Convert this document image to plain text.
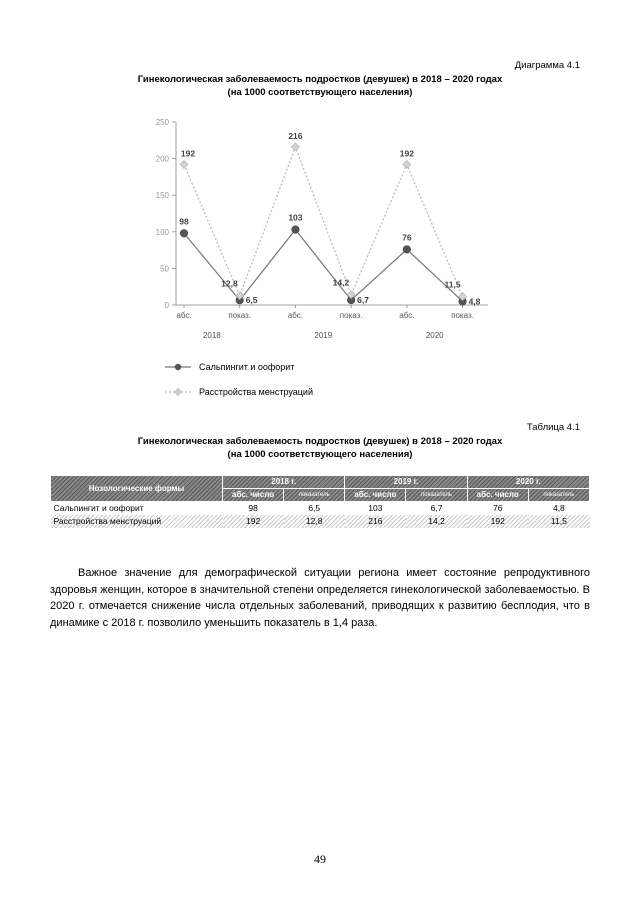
Диаграмма 4.1
Гинекологическая заболеваемость подростков (девушек) в 2018 – 2020 годах
(на 1000 соответствующего населения)
0
50
100
150
200
250
абс.	показ.	абс.	показ.	абс.	показ.
2018	2019	2020
98
6,5
103
6,7
76
4,8
192
12,8
216
14,2
192
11,5
Сальпингит и оофорит
Расстройства менструаций
Таблица 4.1
Гинекологическая заболеваемость подростков (девушек) в 2018 – 2020 годах
(на 1000 соответствующего населения)
Нозологические формы	2018 г.		2019 г.		2020 г.	
	абс. число	показатель	абс. число	показатель	абс. число	показатель
Сальпингит и оофорит	98	6,5	103	6,7	76	4,8
Расстройства менструаций	192	12,8	216	14,2	192	11,5
Важное значение для демографической ситуации региона имеет состояние репродуктивного здоровья женщин, которое в значительной степени определяется гинекологической заболеваемостью. В 2020 г. отмечается снижение числа отдельных заболеваний, приводящих к развитию бесплодия, что в динамике с 2018 г. позволило уменьшить показатель в 1,4 раза.
49
